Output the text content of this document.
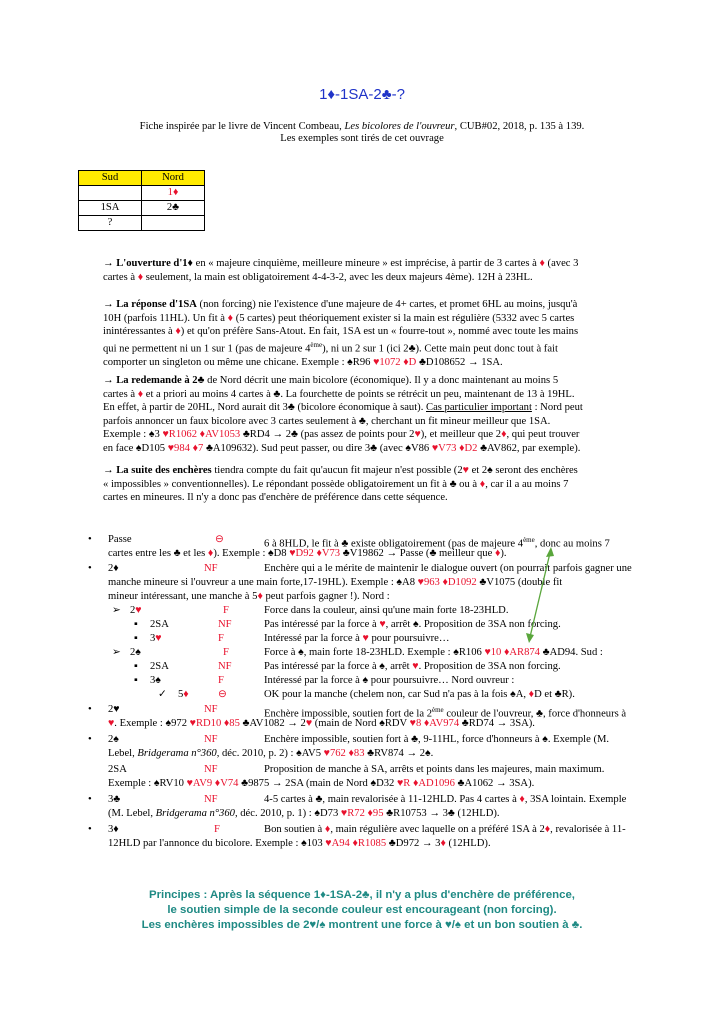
1♦-1SA-2♣-?
Fiche inspirée par le livre de Vincent Combeau, Les bicolores de l'ouvreur, CUB#02, 2018, p. 135 à 139.
Les exemples sont tirés de cet ouvrage
Sud	Nord
	1♦
1SA	2♣
?	
→ L'ouverture d'1♦ en « majeure cinquième, meilleure mineure » est imprécise, à partir de 3 cartes à ♦ (avec 3
cartes à ♦ seulement, la main est obligatoirement 4-4-3-2, avec les deux majeurs 4ème). 12H à 23HL.
→ La réponse d'1SA (non forcing) nie l'existence d'une majeure de 4+ cartes, et promet 6HL au moins, jusqu'à
10H (parfois 11HL). Un fit à ♦ (5 cartes) peut théoriquement exister si la main est régulière (5332 avec 5 cartes
inintéressantes à ♦) et qu'on préfère Sans-Atout. En fait, 1SA est un « fourre-tout », nommé avec toute les mains
qui ne permettent ni un 1 sur 1 (pas de majeure 4ème), ni un 2 sur 1 (ici 2♣). Cette main peut donc tout à fait
comporter un singleton ou même une chicane. Exemple : ♠R96 ♥1072 ♦D ♣D108652 → 1SA.
→ La redemande à 2♣ de Nord décrit une main bicolore (économique). Il y a donc maintenant au moins 5
cartes à ♦ et a priori au moins 4 cartes à ♣. La fourchette de points se rétrécit un peu, maintenant de 13 à 19HL.
En effet, à partir de 20HL, Nord aurait dit 3♣ (bicolore économique à saut). Cas particulier important : Nord peut
parfois annoncer un faux bicolore avec 3 cartes seulement à ♣, cherchant un fit mineur meilleur que 1SA.
Exemple : ♠3 ♥R1062 ♦AV1053 ♣RD4 → 2♣ (pas assez de points pour 2♥), et meilleur que 2♦, qui peut trouver
en face ♠D105 ♥984 ♦7 ♣A109632). Sud peut passer, ou dire 3♣ (avec ♠V86 ♥V73 ♦D2 ♣AV862, par exemple).
→ La suite des enchères tiendra compte du fait qu'aucun fit majeur n'est possible (2♥ et 2♠ seront des enchères
« impossibles » conventionnelles). Le répondant possède obligatoirement un fit à ♣ ou à ♦, car il a au moins 7
cartes en mineures. Il n'y a donc pas d'enchère de préférence dans cette séquence.
• Passe	⊖	6 à 8HLD, le fit à ♣ existe obligatoirement (pas de majeure 4ème, donc au moins 7
cartes entre les ♣ et les ♦). Exemple : ♠D8 ♥D92 ♦V73 ♣V19862 → Passe (♣ meilleur que ♦).
• 2♦	NF	Enchère qui a le mérite de maintenir le dialogue ouvert (on pourrait parfois gagner une
manche mineure si l'ouvreur a une main forte,17-19HL). Exemple : ♠A8 ♥963 ♦D1092 ♣V1075 (double fit
mineur intéressant, une manche à 5♦ peut parfois gagner !). Nord :
➢ 2♥	F	Force dans la couleur, ainsi qu'une main forte 18-23HLD.
▪ 2SA	NF	Pas intéressé par la force à ♥, arrêt ♠. Proposition de 3SA non forcing.
▪ 3♥	F	Intéressé par la force à ♥ pour poursuivre…
➢ 2♠	F	Force à ♠, main forte 18-23HLD. Exemple : ♠R106 ♥10 ♦AR874 ♣AD94. Sud :
▪ 2SA	NF	Pas intéressé par la force à ♠, arrêt ♥. Proposition de 3SA non forcing.
▪ 3♠	F	Intéressé par la force à ♠ pour poursuivre… Nord ouvreur :
✓ 5♦	⊖	OK pour la manche (chelem non, car Sud n'a pas à la fois ♠A, ♦D et ♣R).
• 2♥	NF	Enchère impossible, soutien fort de la 2ème couleur de l'ouvreur, ♣, force d'honneurs à
♥. Exemple : ♠972 ♥RD10 ♦85 ♣AV1082 → 2♥ (main de Nord ♠RDV ♥8 ♦AV974 ♣RD74 → 3SA).
• 2♠	NF	Enchère impossible, soutien fort à ♣, 9-11HL, force d'honneurs à ♠. Exemple (M.
Lebel, Bridgerama n°360, déc. 2010, p. 2) : ♠AV5 ♥762 ♦83 ♣RV874 → 2♠.
2SA	NF	Proposition de manche à SA, arrêts et points dans les majeures, main maximum.
Exemple : ♠RV10 ♥AV9 ♦V74 ♣9875 → 2SA (main de Nord ♠D32 ♥R ♦AD1096 ♣A1062 → 3SA).
• 3♣	NF	4-5 cartes à ♣, main revalorisée à 11-12HLD. Pas 4 cartes à ♦, 3SA lointain. Exemple
(M. Lebel, Bridgerama n°360, déc. 2010, p. 1) : ♠D73 ♥R72 ♦95 ♣R10753 → 3♣ (12HLD).
• 3♦	F	Bon soutien à ♦, main régulière avec laquelle on a préféré 1SA à 2♦, revalorisée à 11-
12HLD par l'annonce du bicolore. Exemple : ♠103 ♥A94 ♦R1085 ♣D972 → 3♦ (12HLD).
Principes : Après la séquence 1♦-1SA-2♣, il n'y a plus d'enchère de préférence,
le soutien simple de la seconde couleur est encourageant (non forcing).
Les enchères impossibles de 2♥/♠ montrent une force à ♥/♠ et un bon soutien à ♣.
